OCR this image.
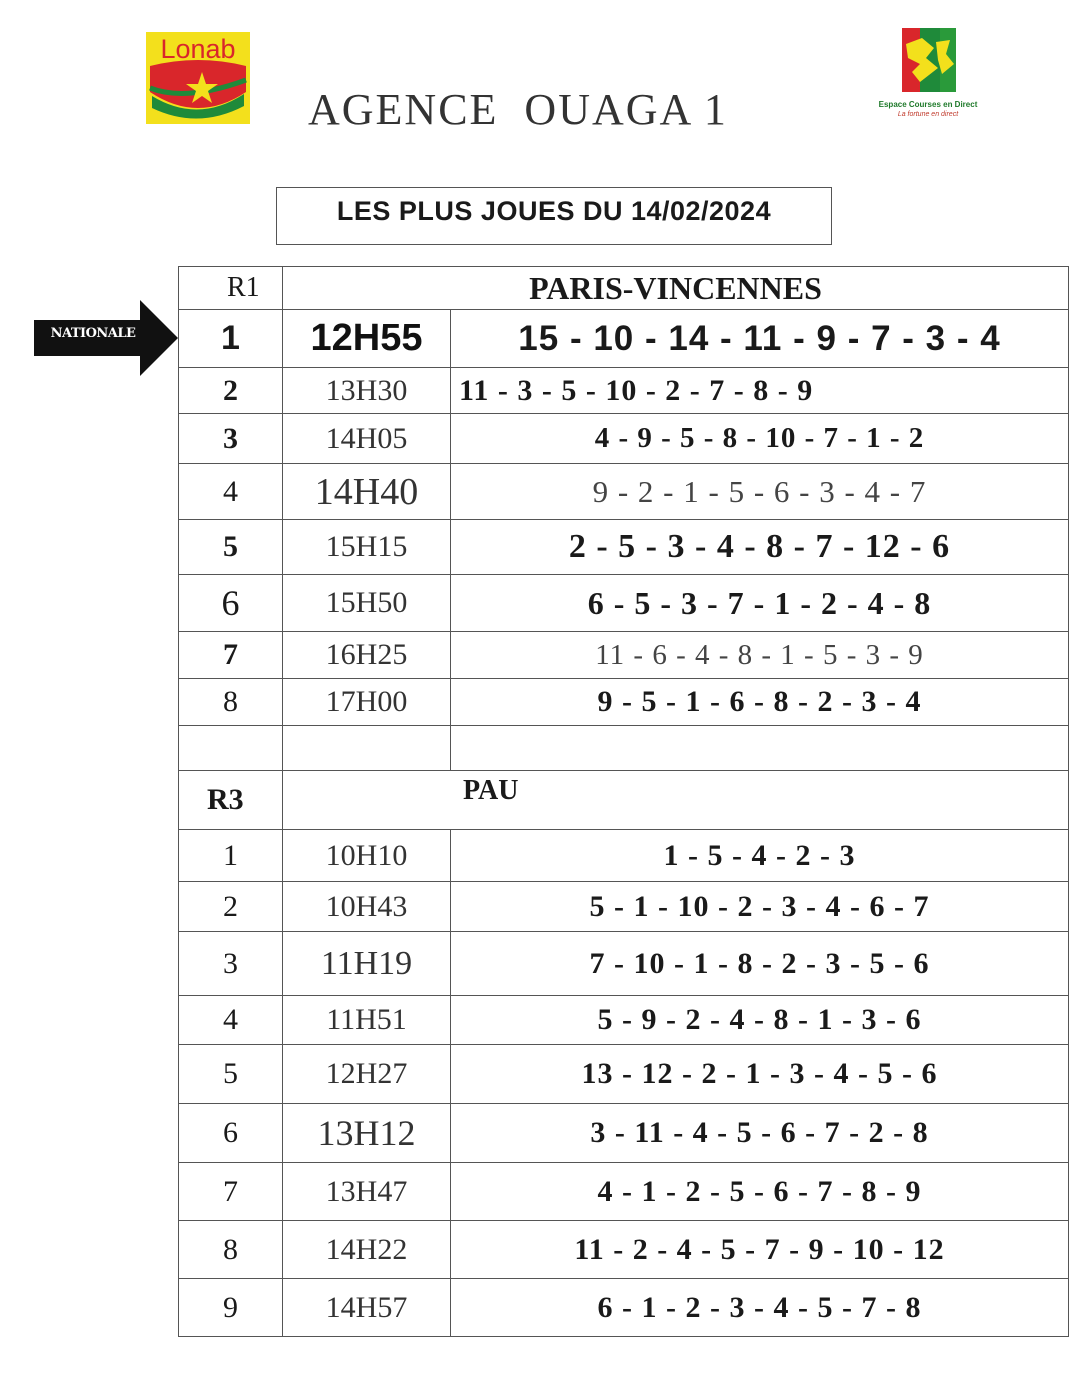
Lonab
AGENCE  OUAGA 1	Espace Courses en Direct
La fortune en direct
LES PLUS JOUES DU 14/02/2024
NATIONALE
R1	PARIS-VINCENNES	
1	12H55	15 - 10 - 14 - 11 - 9 - 7 - 3 - 4
2	13H30	11 - 3 - 5 - 10 - 2 - 7 - 8 - 9
3	14H05	4 - 9 - 5 - 8 - 10 - 7 - 1 - 2
4	14H40	9 - 2 - 1 - 5 - 6 - 3 - 4 - 7
5	15H15	2 - 5 - 3 - 4 - 8 - 7 - 12 - 6
6	15H50	6 - 5 - 3 - 7 - 1 - 2 - 4 - 8
7	16H25	11 - 6 - 4 - 8 - 1 - 5 - 3 - 9
8	17H00	9 - 5 - 1 - 6 - 8 - 2 - 3 - 4

R3	PAU	
1	10H10	1 - 5 - 4 - 2 - 3
2	10H43	5 - 1 - 10 - 2 - 3 - 4 - 6 - 7
3	11H19	7 - 10 - 1 - 8 - 2 - 3 - 5 - 6
4	11H51	5 - 9 - 2 - 4 - 8 - 1 - 3 - 6
5	12H27	13 - 12 - 2 - 1 - 3 - 4 - 5 - 6
6	13H12	3 - 11 - 4 - 5 - 6 - 7 - 2 - 8
7	13H47	4 - 1 - 2 - 5 - 6 - 7 - 8 - 9
8	14H22	11 - 2 - 4 - 5 - 7 - 9 - 10 - 12
9	14H57	6 - 1 - 2 - 3 - 4 - 5 - 7 - 8
